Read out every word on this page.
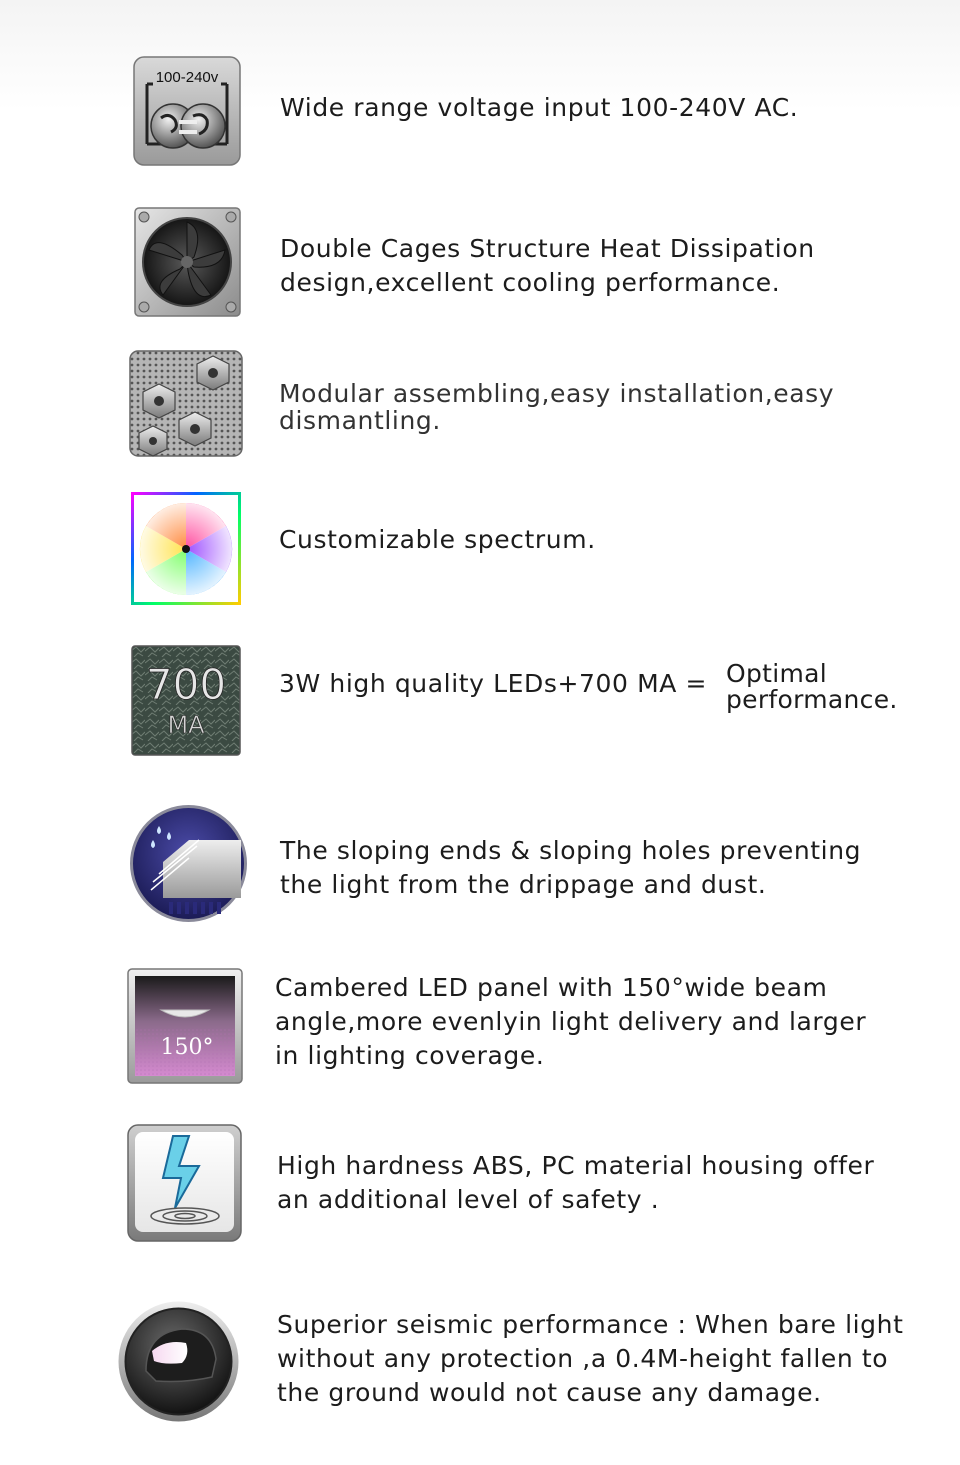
100-240v
Wide range voltage input 100-240V AC.
Double Cages Structure Heat Dissipation
design,excellent cooling performance.
Modular assembling,easy installation,easy
dismantling.
Customizable spectrum.
700
MA
3W high quality LEDs+700 MA = Optimal
performance.
The sloping ends & sloping holes preventing
the light from the drippage and dust.
150°
Cambered LED panel with 150°wide beam
angle,more evenlyin light delivery and larger
in lighting coverage.
High hardness ABS, PC material housing offer
an additional level of safety .
Superior seismic performance : When bare light
without any protection ,a 0.4M-height fallen to
the ground would not cause any damage.
